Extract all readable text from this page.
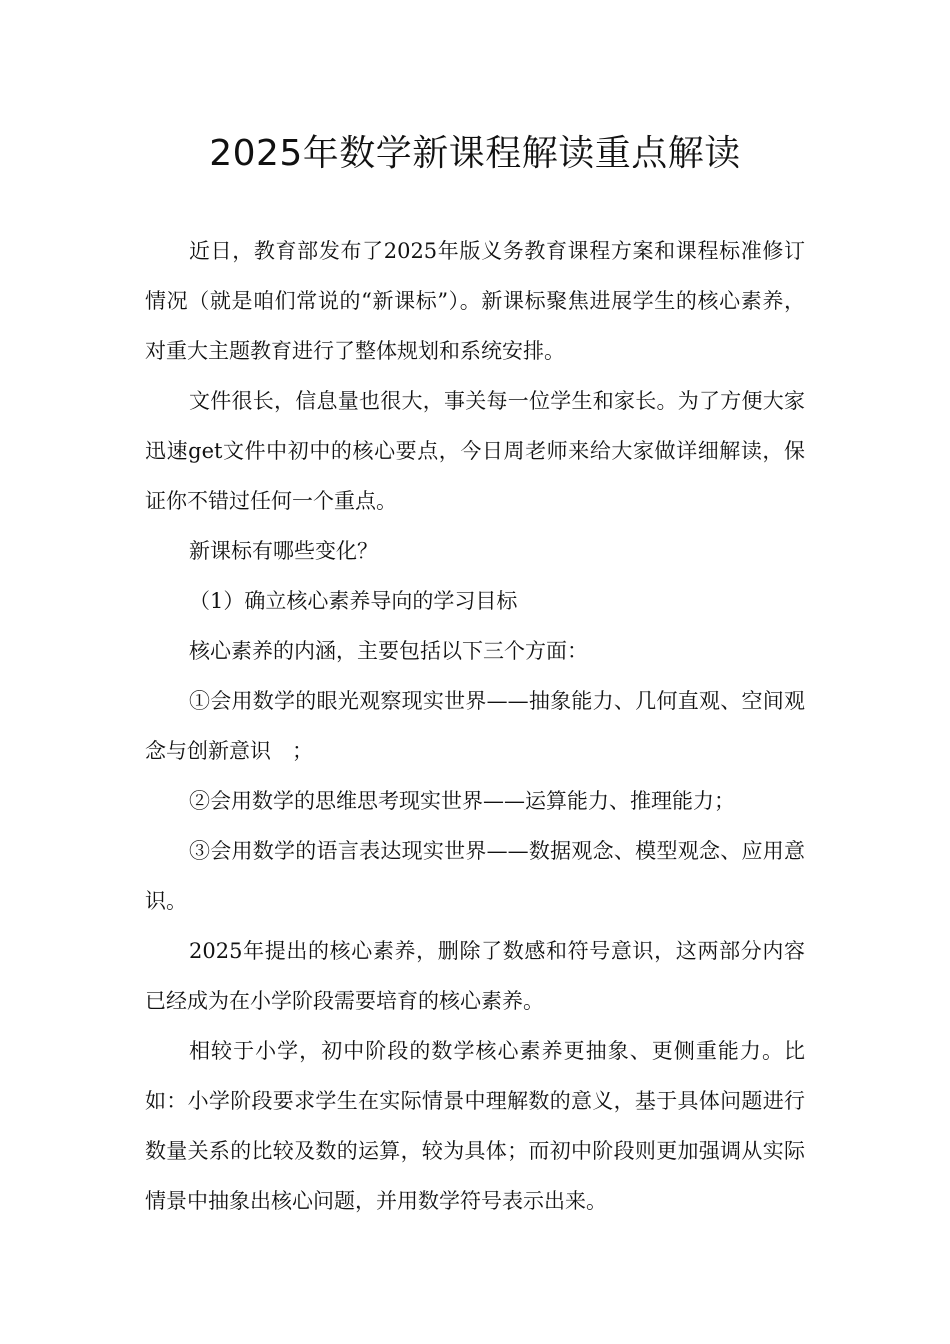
2025年数学新课程解读重点解读

近日，教育部发布了2025年版义务教育课程方案和课程标准修订情况（就是咱们常说的“新课标”）。新课标聚焦进展学生的核心素养，对重大主题教育进行了整体规划和系统安排。

文件很长，信息量也很大，事关每一位学生和家长。为了方便大家迅速get文件中初中的核心要点，今日周老师来给大家做详细解读，保证你不错过任何一个重点。

新课标有哪些变化？

（1）确立核心素养导向的学习目标

核心素养的内涵，主要包括以下三个方面：

①会用数学的眼光观察现实世界——抽象能力、几何直观、空间观念与创新意识　；

②会用数学的思维思考现实世界——运算能力、推理能力；

③会用数学的语言表达现实世界——数据观念、模型观念、应用意识。

2025年提出的核心素养，删除了数感和符号意识，这两部分内容已经成为在小学阶段需要培育的核心素养。

相较于小学，初中阶段的数学核心素养更抽象、更侧重能力。比如：小学阶段要求学生在实际情景中理解数的意义，基于具体问题进行数量关系的比较及数的运算，较为具体；而初中阶段则更加强调从实际情景中抽象出核心问题，并用数学符号表示出来。
